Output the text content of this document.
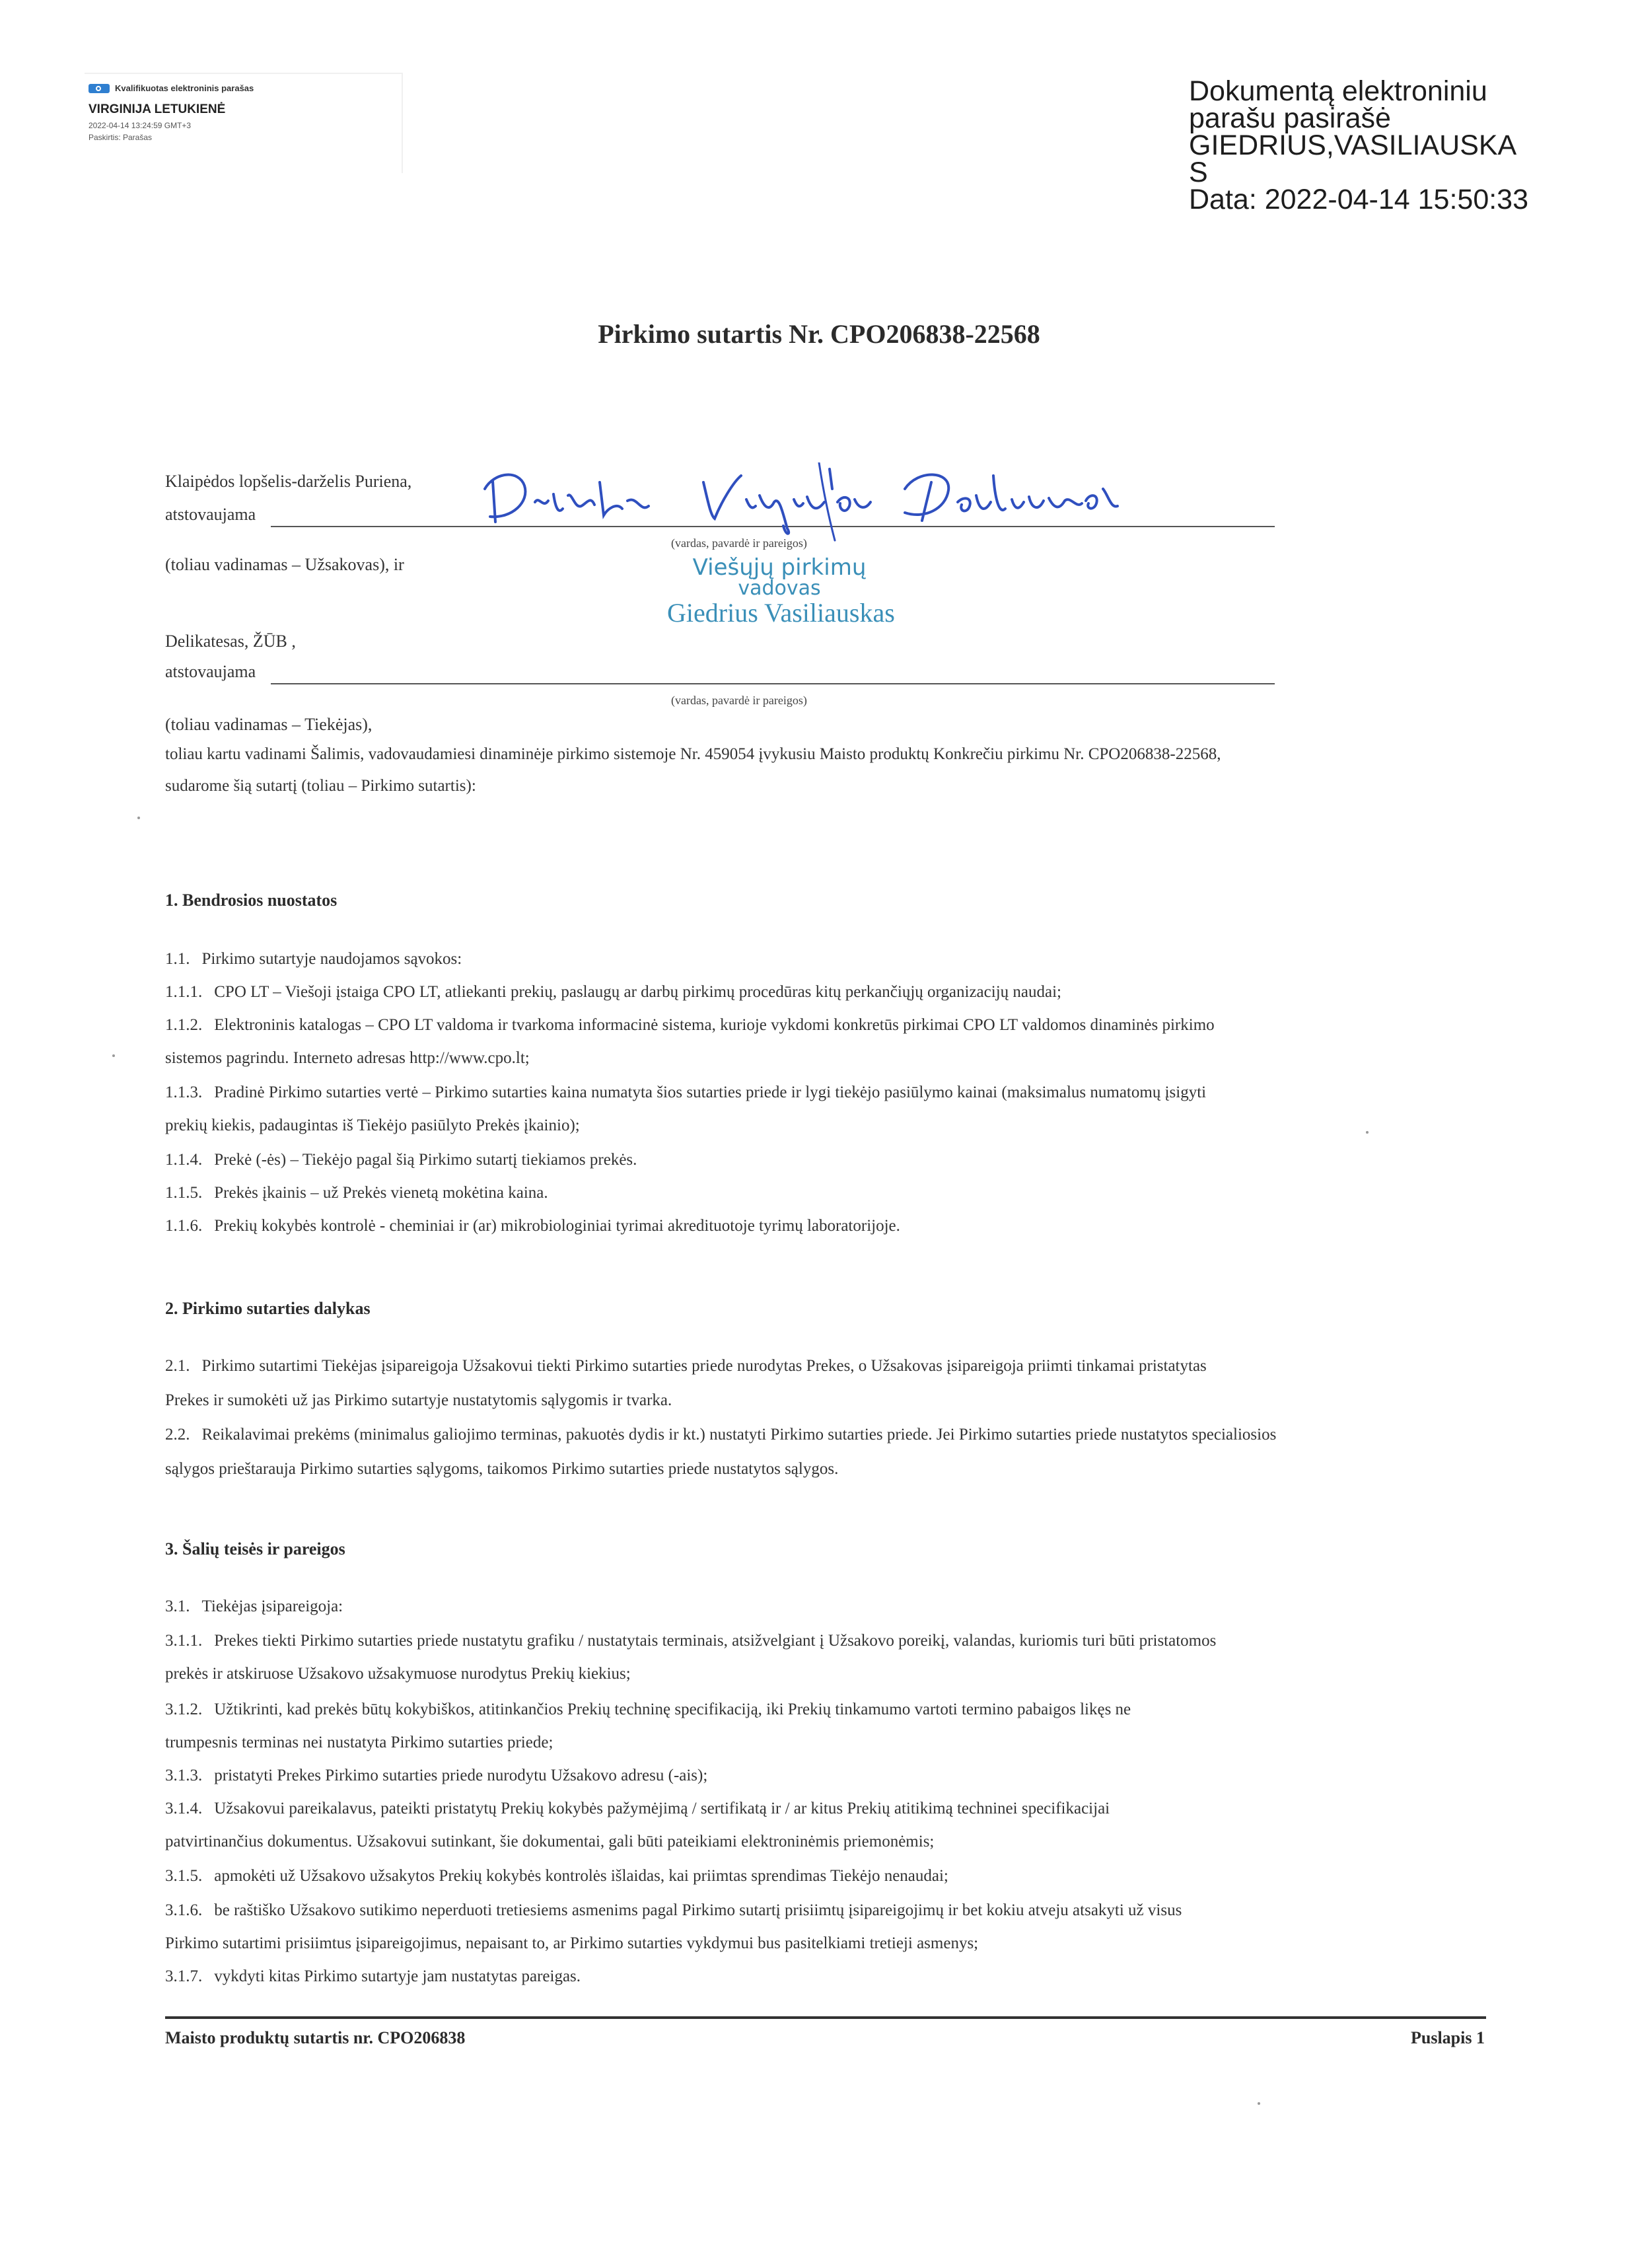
Kvalifikuotas elektroninis parašas
VIRGINIJA LETUKIENĖ
2022-04-14 13:24:59 GMT+3
Paskirtis: Parašas
Dokumentą elektroniniu
parašu pasirašė
GIEDRIUS,VASILIAUSKA
S
Data: 2022-04-14 15:50:33
Pirkimo sutartis Nr. CPO206838-22568
Klaipėdos lopšelis-darželis Puriena,
atstovaujama
(vardas, pavardė ir pareigos)
(toliau vadinamas – Užsakovas), ir	Viešųjų pirkimų
vadovas
Giedrius Vasiliauskas
Delikatesas, ŽŪB ,
atstovaujama
(vardas, pavardė ir pareigos)
(toliau vadinamas – Tiekėjas),
toliau kartu vadinami Šalimis, vadovaudamiesi dinaminėje pirkimo sistemoje Nr. 459054 įvykusiu Maisto produktų Konkrečiu pirkimu Nr. CPO206838-22568,
sudarome šią sutartį (toliau – Pirkimo sutartis):
1. Bendrosios nuostatos
1.1. Pirkimo sutartyje naudojamos sąvokos:
1.1.1. CPO LT – Viešoji įstaiga CPO LT, atliekanti prekių, paslaugų ar darbų pirkimų procedūras kitų perkančiųjų organizacijų naudai;
1.1.2. Elektroninis katalogas – CPO LT valdoma ir tvarkoma informacinė sistema, kurioje vykdomi konkretūs pirkimai CPO LT valdomos dinaminės pirkimo
sistemos pagrindu. Interneto adresas http://www.cpo.lt;
1.1.3. Pradinė Pirkimo sutarties vertė – Pirkimo sutarties kaina numatyta šios sutarties priede ir lygi tiekėjo pasiūlymo kainai (maksimalus numatomų įsigyti
prekių kiekis, padaugintas iš Tiekėjo pasiūlyto Prekės įkainio);
1.1.4. Prekė (-ės) – Tiekėjo pagal šią Pirkimo sutartį tiekiamos prekės.
1.1.5. Prekės įkainis – už Prekės vienetą mokėtina kaina.
1.1.6. Prekių kokybės kontrolė - cheminiai ir (ar) mikrobiologiniai tyrimai akredituotoje tyrimų laboratorijoje.
2. Pirkimo sutarties dalykas
2.1. Pirkimo sutartimi Tiekėjas įsipareigoja Užsakovui tiekti Pirkimo sutarties priede nurodytas Prekes, o Užsakovas įsipareigoja priimti tinkamai pristatytas
Prekes ir sumokėti už jas Pirkimo sutartyje nustatytomis sąlygomis ir tvarka.
2.2. Reikalavimai prekėms (minimalus galiojimo terminas, pakuotės dydis ir kt.) nustatyti Pirkimo sutarties priede. Jei Pirkimo sutarties priede nustatytos specialiosios
sąlygos prieštarauja Pirkimo sutarties sąlygoms, taikomos Pirkimo sutarties priede nustatytos sąlygos.
3. Šalių teisės ir pareigos
3.1. Tiekėjas įsipareigoja:
3.1.1. Prekes tiekti Pirkimo sutarties priede nustatytu grafiku / nustatytais terminais, atsižvelgiant į Užsakovo poreikį, valandas, kuriomis turi būti pristatomos
prekės ir atskiruose Užsakovo užsakymuose nurodytus Prekių kiekius;
3.1.2. Užtikrinti, kad prekės būtų kokybiškos, atitinkančios Prekių techninę specifikaciją, iki Prekių tinkamumo vartoti termino pabaigos likęs ne
trumpesnis terminas nei nustatyta Pirkimo sutarties priede;
3.1.3. pristatyti Prekes Pirkimo sutarties priede nurodytu Užsakovo adresu (-ais);
3.1.4. Užsakovui pareikalavus, pateikti pristatytų Prekių kokybės pažymėjimą / sertifikatą ir / ar kitus Prekių atitikimą techninei specifikacijai
patvirtinančius dokumentus. Užsakovui sutinkant, šie dokumentai, gali būti pateikiami elektroninėmis priemonėmis;
3.1.5. apmokėti už Užsakovo užsakytos Prekių kokybės kontrolės išlaidas, kai priimtas sprendimas Tiekėjo nenaudai;
3.1.6. be raštiško Užsakovo sutikimo neperduoti tretiesiems asmenims pagal Pirkimo sutartį prisiimtų įsipareigojimų ir bet kokiu atveju atsakyti už visus
Pirkimo sutartimi prisiimtus įsipareigojimus, nepaisant to, ar Pirkimo sutarties vykdymui bus pasitelkiami tretieji asmenys;
3.1.7. vykdyti kitas Pirkimo sutartyje jam nustatytas pareigas.
Maisto produktų sutartis nr. CPO206838	Puslapis 1
